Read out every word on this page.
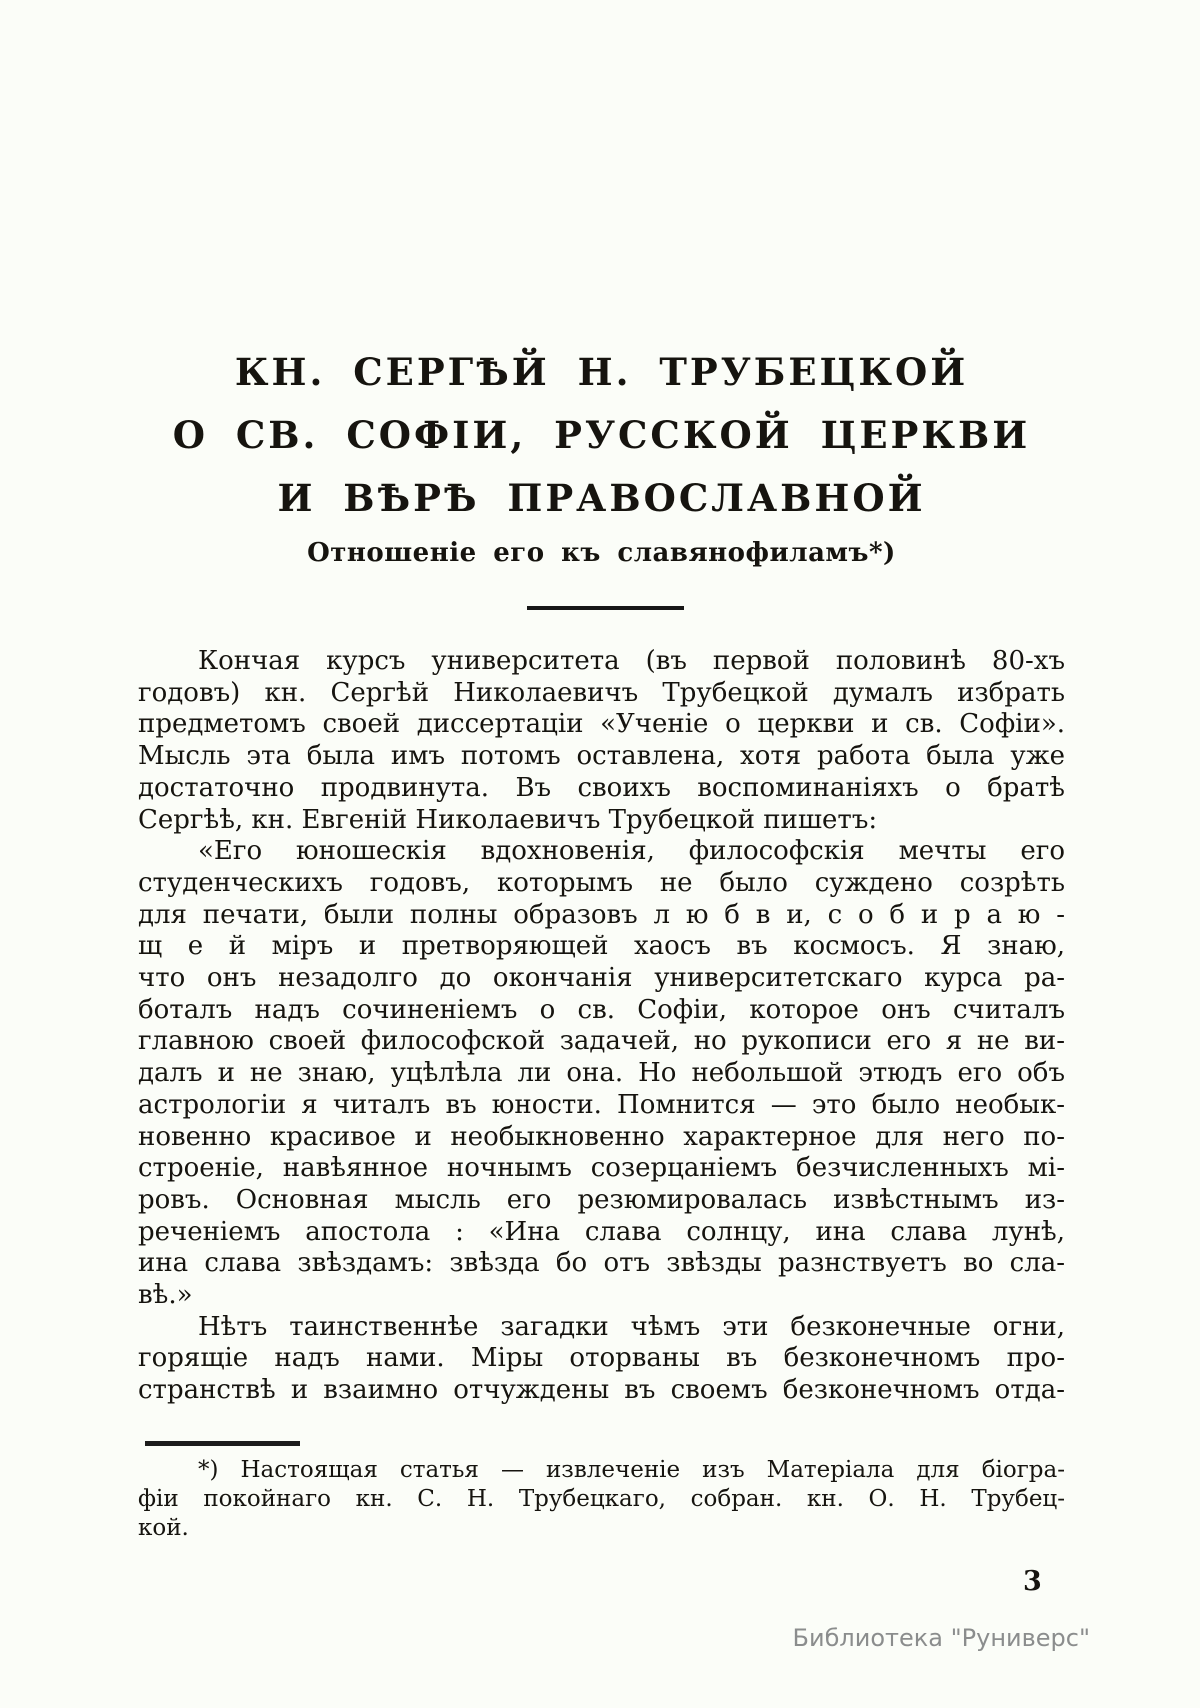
КН. СЕРГѢЙ Н. ТРУБЕЦКОЙ
О СВ. СОФІИ, РУССКОЙ ЦЕРКВИ
И ВѢРѢ ПРАВОСЛАВНОЙ
Отношеніе его къ славянофиламъ*)
Кончая курсъ университета (въ первой половинѣ 80-хъ
годовъ) кн. Сергѣй Николаевичъ Трубецкой думалъ избрать
предметомъ своей диссертаціи «Ученіе о церкви и св. Софіи».
Мысль эта была имъ потомъ оставлена, хотя работа была уже
достаточно продвинута. Въ своихъ воспоминаніяхъ о братѣ
Сергѣѣ, кн. Евгеній Николаевичъ Трубецкой пишетъ:
«Его юношескія вдохновенія, философскія мечты его
студенческихъ годовъ, которымъ не было суждено созрѣть
для печати, были полны образовъ л ю б в и, с о б и р а ю -
щ е й міръ и претворяющей хаосъ въ космосъ. Я знаю,
что онъ незадолго до окончанія университетскаго курса ра-
боталъ надъ сочиненіемъ о св. Софіи, которое онъ считалъ
главною своей философской задачей, но рукописи его я не ви-
далъ и не знаю, уцѣлѣла ли она. Но небольшой этюдъ его объ
астрологіи я читалъ въ юности. Помнится — это было необык-
новенно красивое и необыкновенно характерное для него по-
строеніе, навѣянное ночнымъ созерцаніемъ безчисленныхъ мі-
ровъ. Основная мысль его резюмировалась извѣстнымъ из-
реченіемъ апостола : «Ина слава солнцу, ина слава лунѣ,
ина слава звѣздамъ: звѣзда бо отъ звѣзды разнствуетъ во сла-
вѣ.»
Нѣтъ таинственнѣе загадки чѣмъ эти безконечные огни,
горящіе надъ нами. Міры оторваны въ безконечномъ про-
странствѣ и взаимно отчуждены въ своемъ безконечномъ отда-
*) Настоящая статья — извлеченіе изъ Матеріала для біогра-
фіи покойнаго кн. С. Н. Трубецкаго, собран. кн. О. Н. Трубец-
кой.
3
Библиотека "Руниверс"
